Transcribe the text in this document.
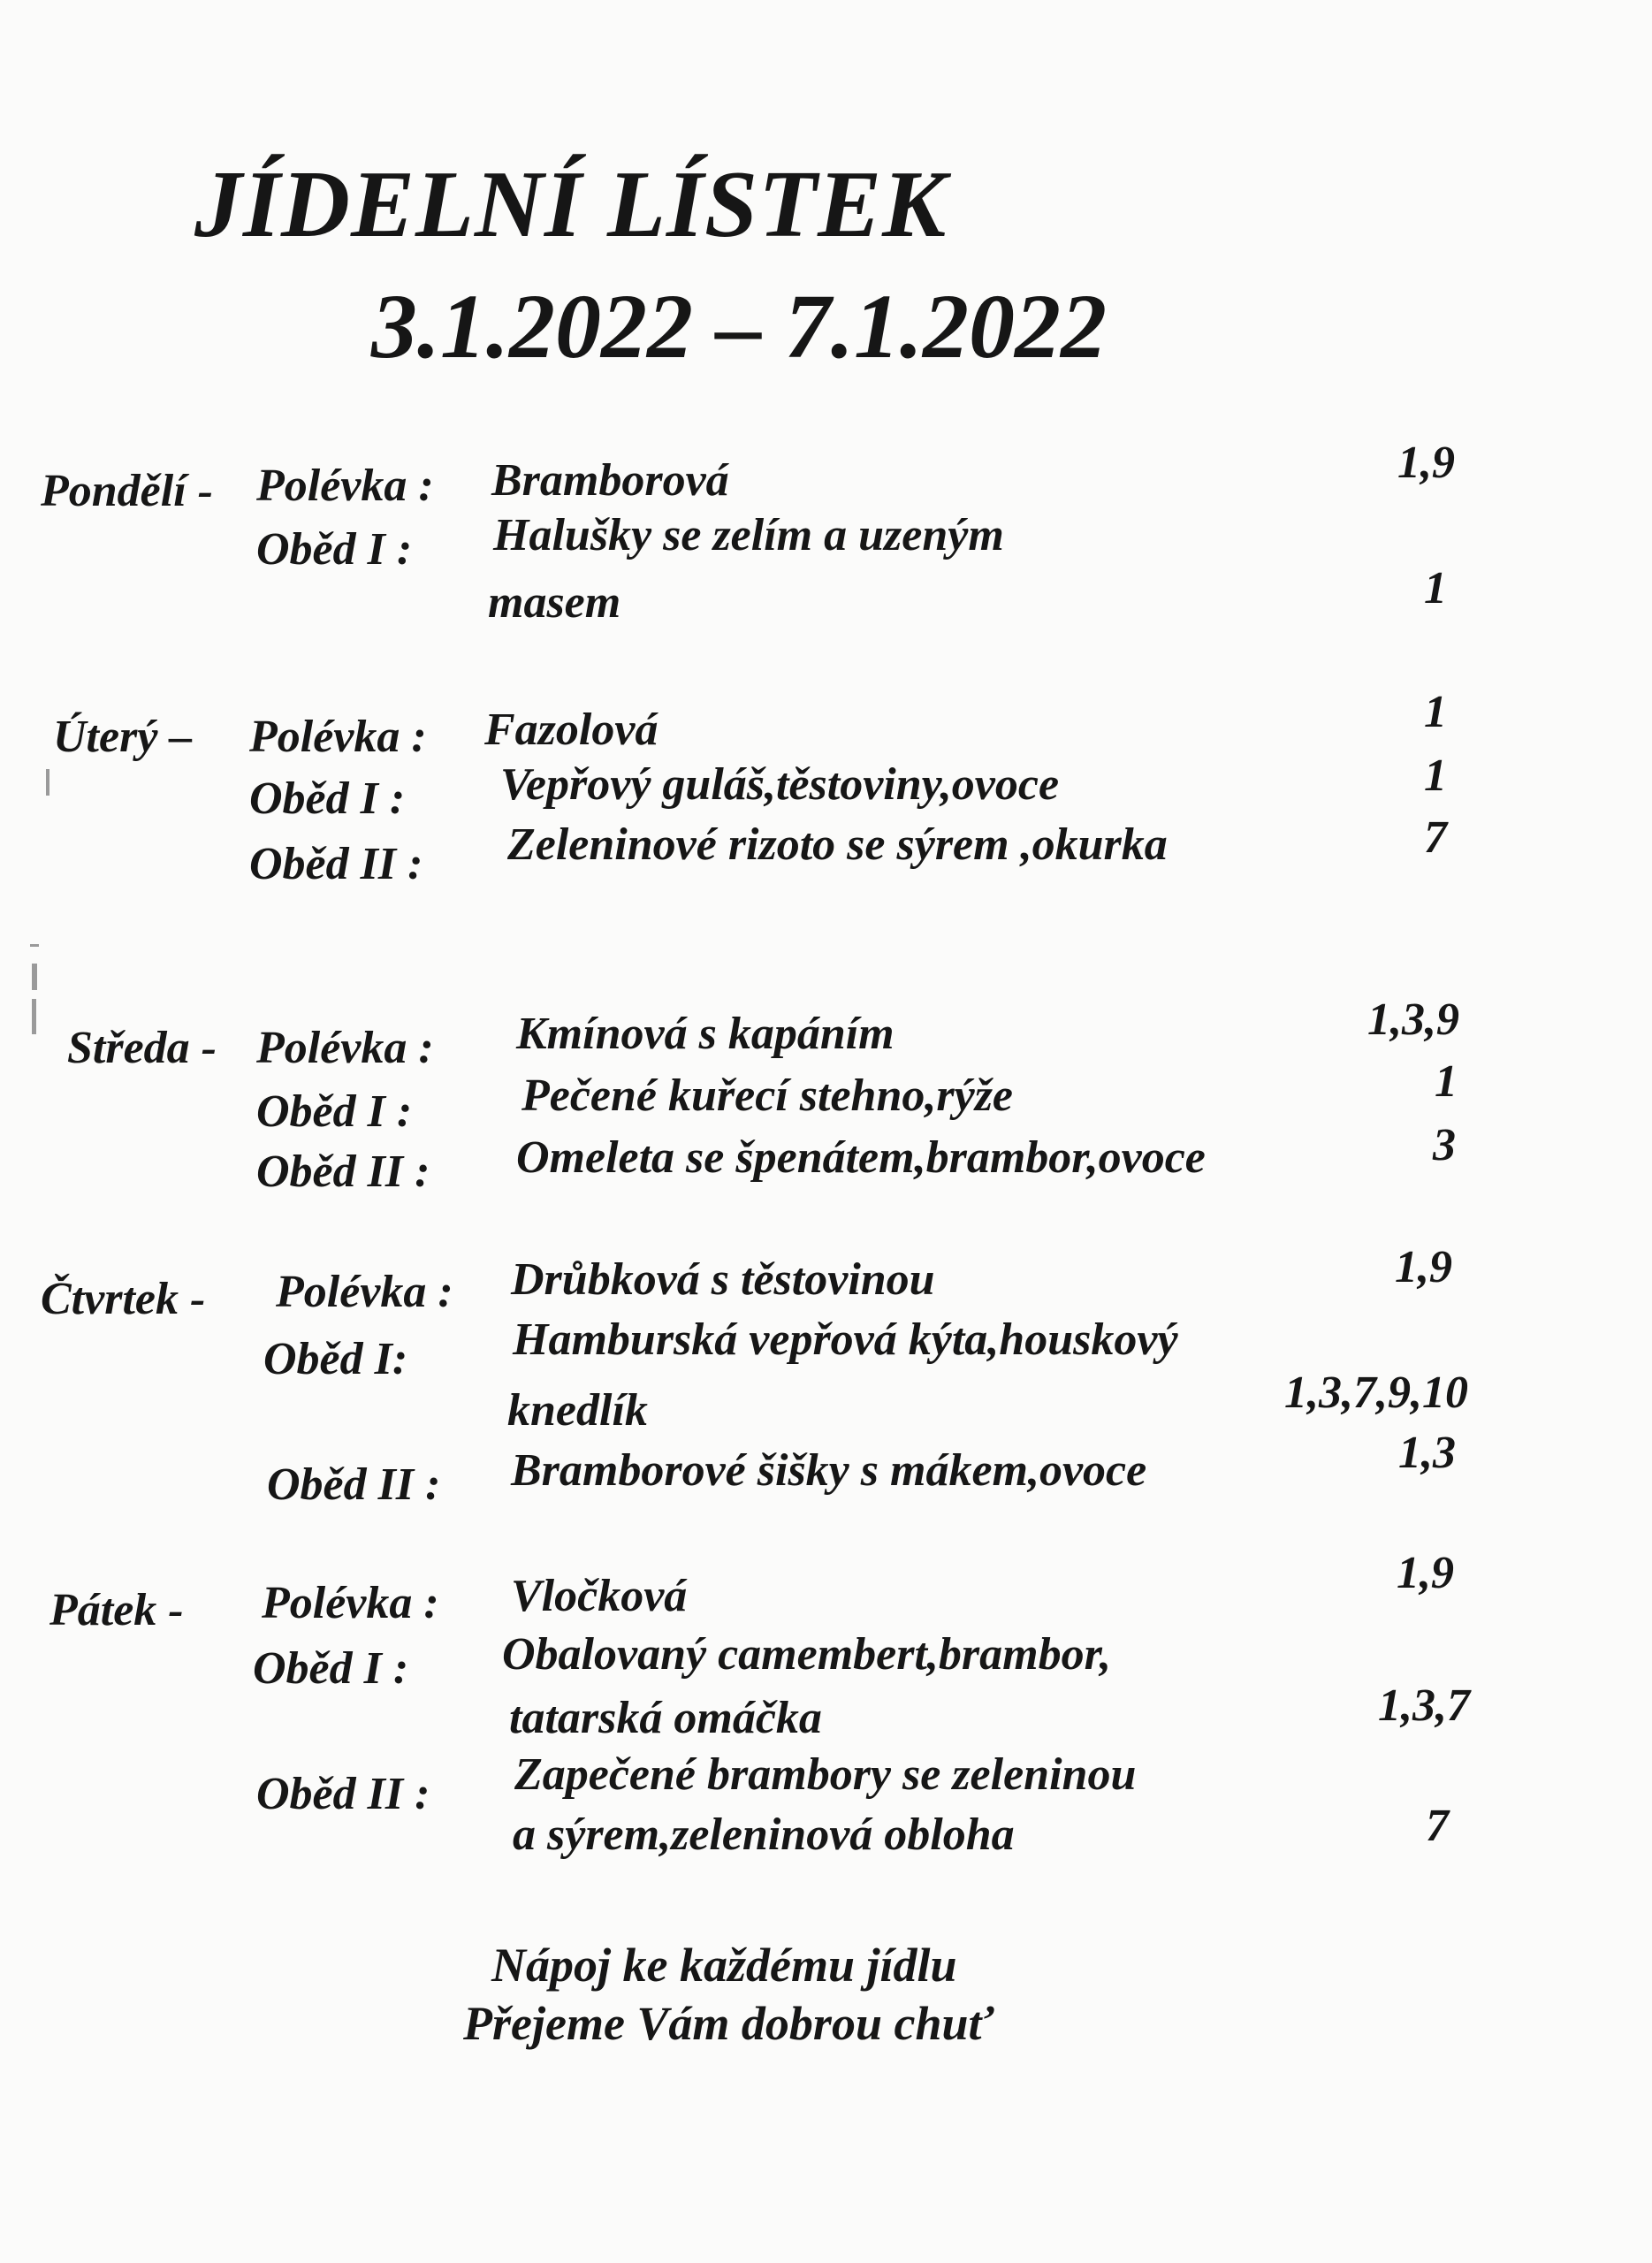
JÍDELNÍ LÍSTEK
3.1.2022 – 7.1.2022
Pondělí - Polévka : Bramborová	1,9
Oběd I : Halušky se zelím a uzeným
masem	1
Úterý – Polévka : Fazolová	1
Oběd I : Vepřový guláš,těstoviny,ovoce	1
Oběd II : Zeleninové rizoto se sýrem ,okurka	7
Středa - Polévka : Kmínová s kapáním	1,3,9
Oběd I : Pečené kuřecí stehno,rýže	1
Oběd II : Omeleta se špenátem,brambor,ovoce	3
Čtvrtek - Polévka : Drůbková s těstovinou	1,9
Oběd I: Hamburská vepřová kýta,houskový
knedlík	1,3,7,9,10
Oběd II : Bramborové šišky s mákem,ovoce	1,3
Pátek - Polévka : Vločková	1,9
Oběd I : Obalovaný camembert,brambor,
tatarská omáčka	1,3,7
Oběd II : Zapečené brambory se zeleninou
a sýrem,zeleninová obloha	7
Nápoj ke každému jídlu
Přejeme Vám dobrou chuť
